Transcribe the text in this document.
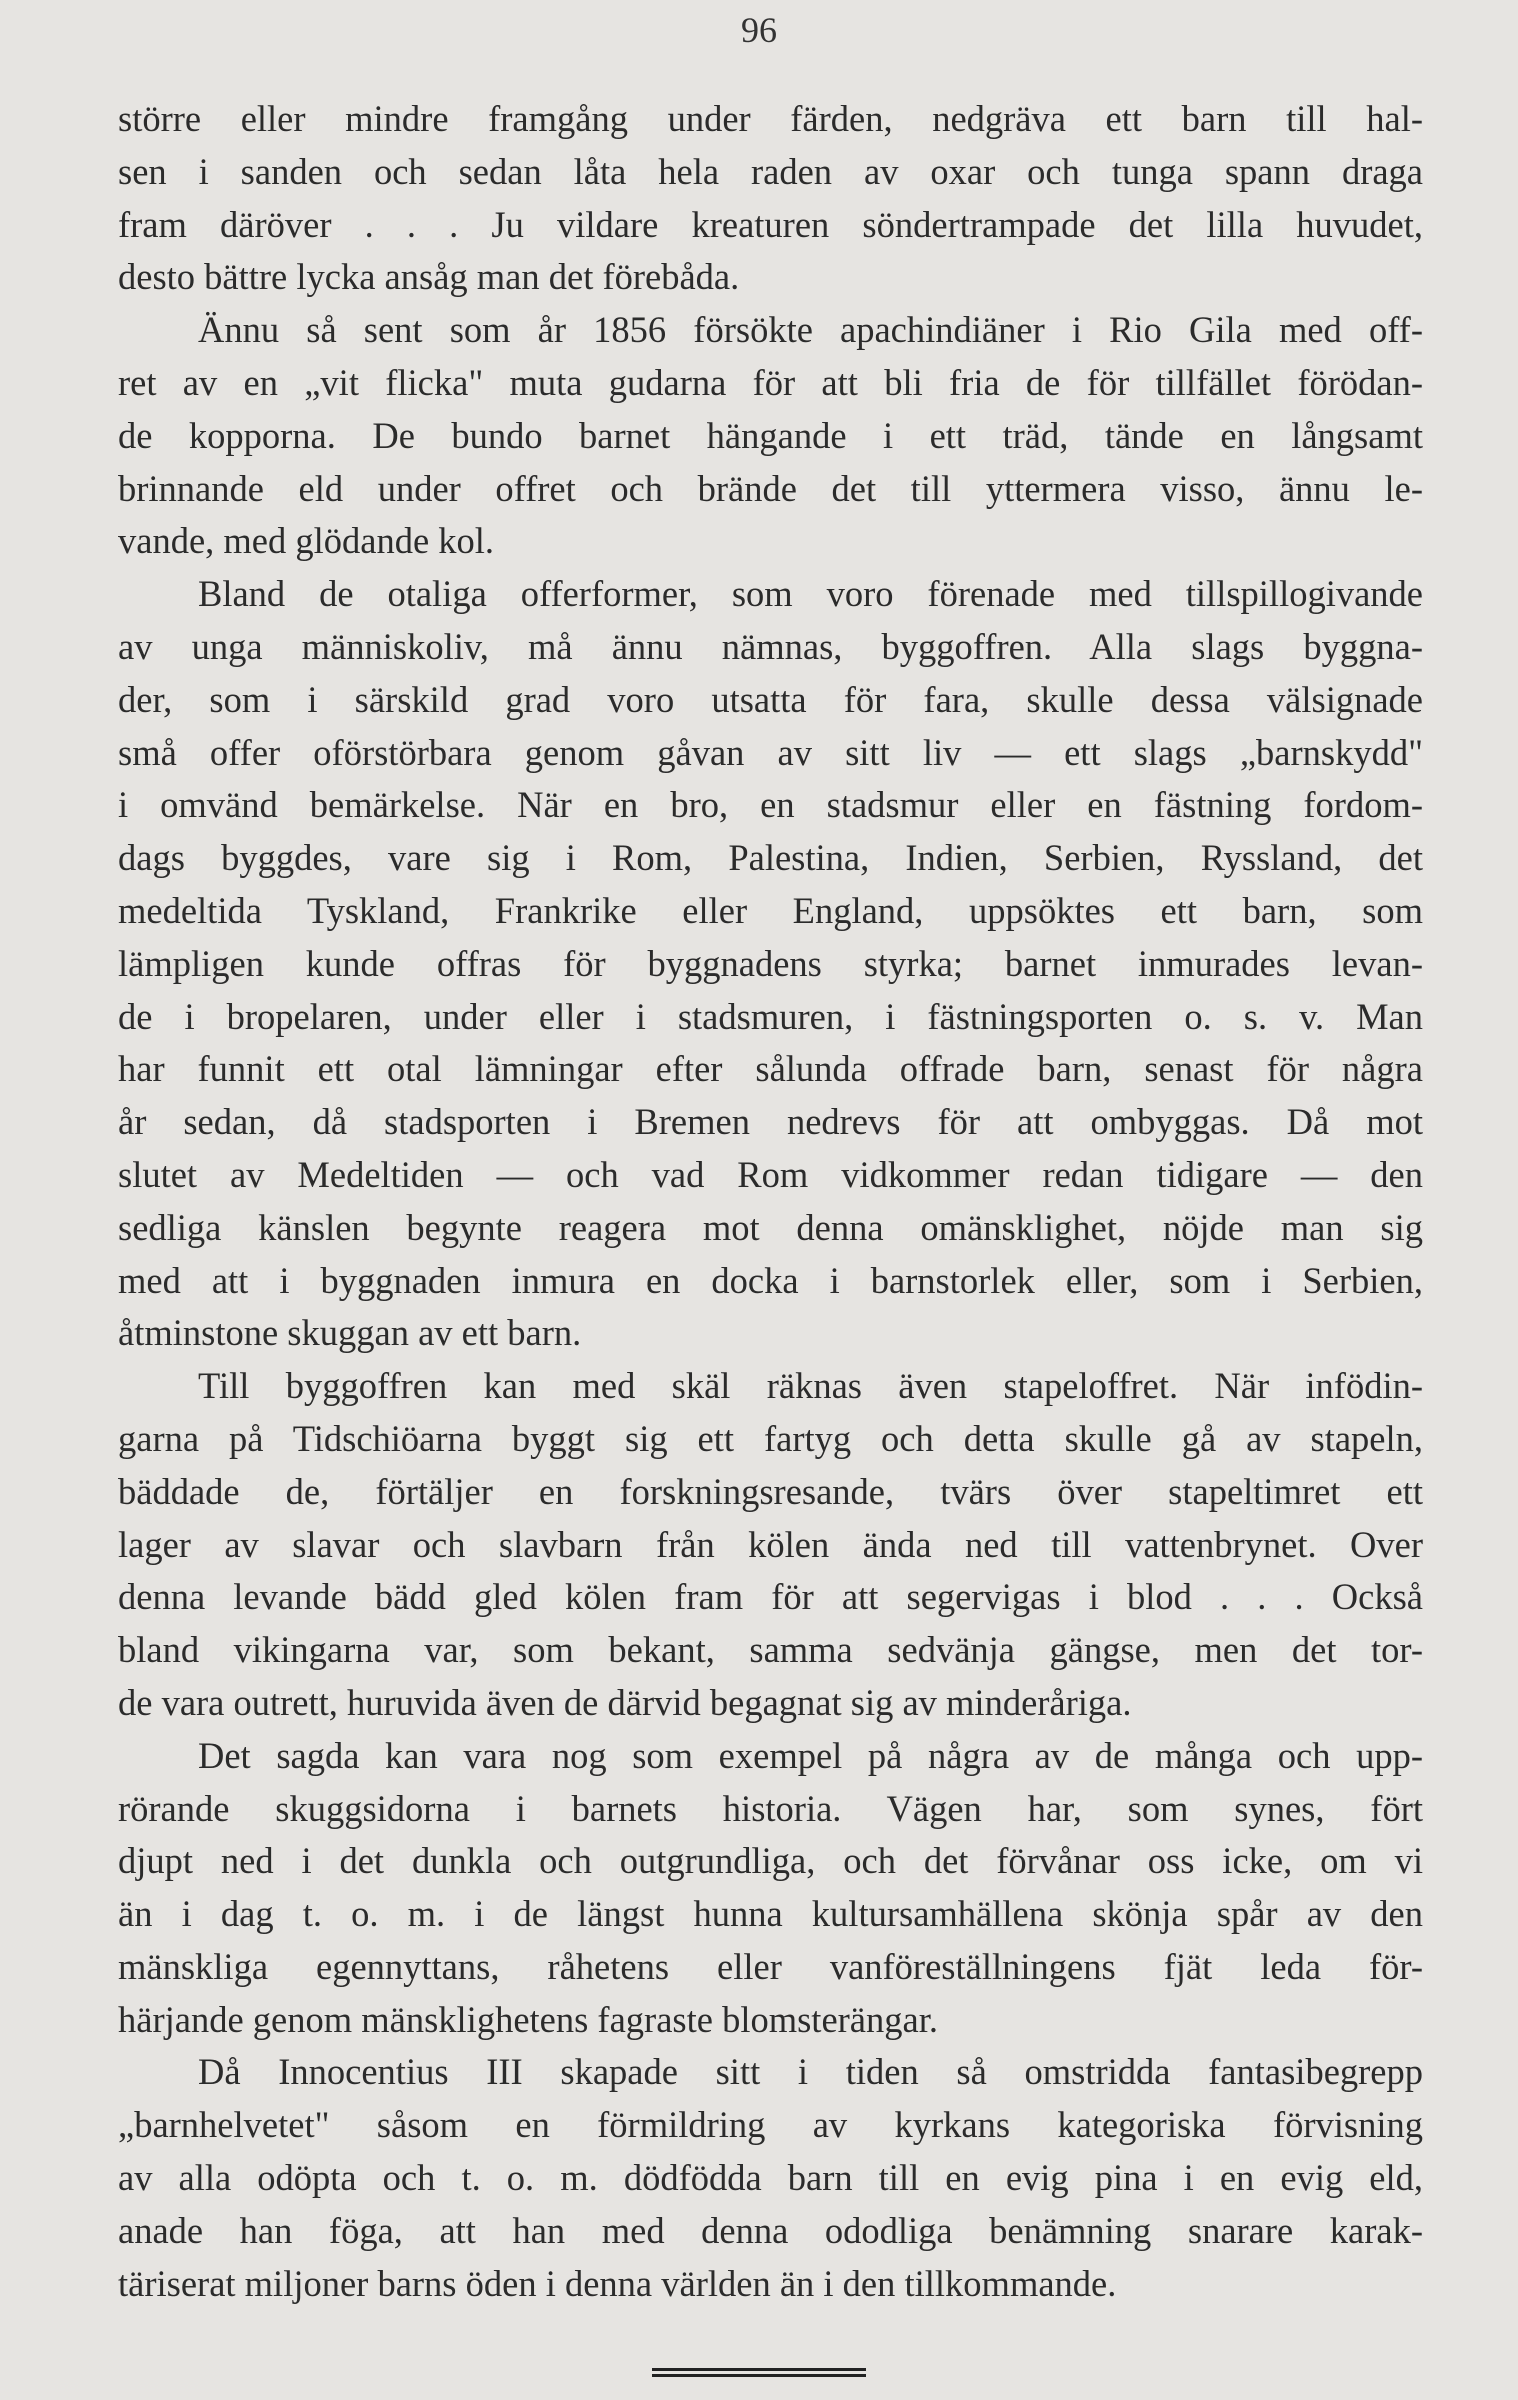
96
större eller mindre framgång under färden, nedgräva ett barn till hal-
sen i sanden och sedan låta hela raden av oxar och tunga spann draga
fram däröver . . . Ju vildare kreaturen söndertrampade det lilla huvudet,
desto bättre lycka ansåg man det förebåda.
Ännu så sent som år 1856 försökte apachindiäner i Rio Gila med off-
ret av en „vit flicka" muta gudarna för att bli fria de för tillfället förödan-
de kopporna. De bundo barnet hängande i ett träd, tände en långsamt
brinnande eld under offret och brände det till yttermera visso, ännu le-
vande, med glödande kol.
Bland de otaliga offerformer, som voro förenade med tillspillogivande
av unga människoliv, må ännu nämnas, byggoffren. Alla slags byggna-
der, som i särskild grad voro utsatta för fara, skulle dessa välsignade
små offer oförstörbara genom gåvan av sitt liv — ett slags „barnskydd"
i omvänd bemärkelse. När en bro, en stadsmur eller en fästning fordom-
dags byggdes, vare sig i Rom, Palestina, Indien, Serbien, Ryssland, det
medeltida Tyskland, Frankrike eller England, uppsöktes ett barn, som
lämpligen kunde offras för byggnadens styrka; barnet inmurades levan-
de i bropelaren, under eller i stadsmuren, i fästningsporten o. s. v. Man
har funnit ett otal lämningar efter sålunda offrade barn, senast för några
år sedan, då stadsporten i Bremen nedrevs för att ombyggas. Då mot
slutet av Medeltiden — och vad Rom vidkommer redan tidigare — den
sedliga känslen begynte reagera mot denna omänsklighet, nöjde man sig
med att i byggnaden inmura en docka i barnstorlek eller, som i Serbien,
åtminstone skuggan av ett barn.
Till byggoffren kan med skäl räknas även stapeloffret. När infödin-
garna på Tidschiöarna byggt sig ett fartyg och detta skulle gå av stapeln,
bäddade de, förtäljer en forskningsresande, tvärs över stapeltimret ett
lager av slavar och slavbarn från kölen ända ned till vattenbrynet. Over
denna levande bädd gled kölen fram för att segervigas i blod . . . Också
bland vikingarna var, som bekant, samma sedvänja gängse, men det tor-
de vara outrett, huruvida även de därvid begagnat sig av minderåriga.
Det sagda kan vara nog som exempel på några av de många och upp-
rörande skuggsidorna i barnets historia. Vägen har, som synes, fört
djupt ned i det dunkla och outgrundliga, och det förvånar oss icke, om vi
än i dag t. o. m. i de längst hunna kultursamhällena skönja spår av den
mänskliga egennyttans, råhetens eller vanföreställningens fjät leda för-
härjande genom mänsklighetens fagraste blomsterängar.
Då Innocentius III skapade sitt i tiden så omstridda fantasibegrepp
„barnhelvetet" såsom en förmildring av kyrkans kategoriska förvisning
av alla odöpta och t. o. m. dödfödda barn till en evig pina i en evig eld,
anade han föga, att han med denna ododliga benämning snarare karak-
täriserat miljoner barns öden i denna världen än i den tillkommande.
